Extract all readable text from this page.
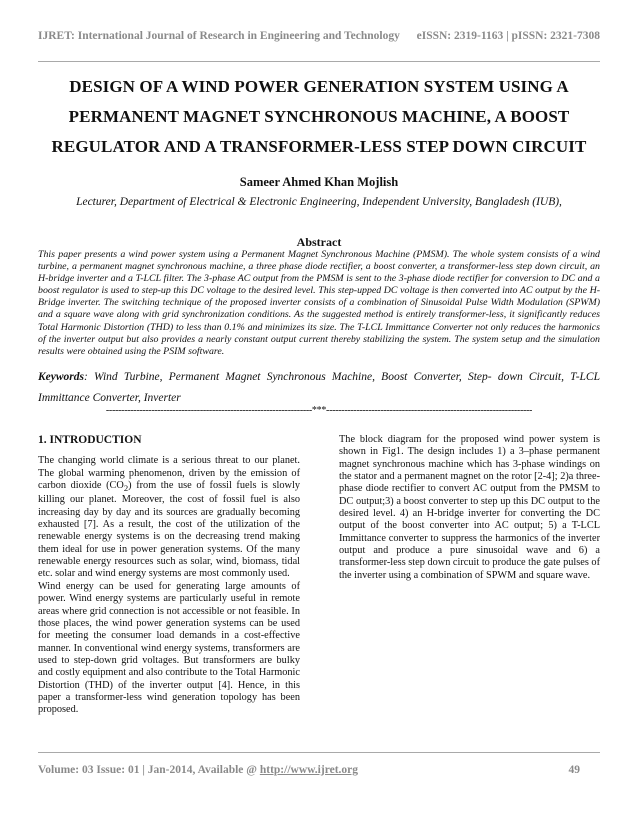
IJRET: International Journal of Research in Engineering and Technology eISSN: 2319-1163 | pISSN: 2321-7308
DESIGN OF A WIND POWER GENERATION SYSTEM USING A
PERMANENT MAGNET SYNCHRONOUS MACHINE, A BOOST
REGULATOR AND A TRANSFORMER-LESS STEP DOWN CIRCUIT
Sameer Ahmed Khan Mojlish
Lecturer, Department of Electrical & Electronic Engineering, Independent University, Bangladesh (IUB),
Abstract
This paper presents a wind power system using a Permanent Magnet Synchronous Machine (PMSM). The whole system consists of a wind turbine, a permanent magnet synchronous machine, a three phase diode rectifier, a boost converter, a transformer-less step down circuit, an H-bridge inverter and a T-LCL filter. The 3-phase AC output from the PMSM is sent to the 3-phase diode rectifier for conversion to DC and a boost regulator is used to step-up this DC voltage to the desired level. This step-upped DC voltage is then converted into AC output by the H-Bridge inverter. The switching technique of the proposed inverter consists of a combination of Sinusoidal Pulse Width Modulation (SPWM) and a square wave along with grid synchronization conditions. As the suggested method is entirely transformer-less, it significantly reduces Total Harmonic Distortion (THD) to less than 0.1% and minimizes its size. The T-LCL Immittance Converter not only reduces the harmonics of the inverter output but also provides a nearly constant output current thereby stabilizing the system. The system setup and the simulation results were obtained using the PSIM software.
Keywords: Wind Turbine, Permanent Magnet Synchronous Machine, Boost Converter, Step- down Circuit, T-LCL Immittance Converter, Inverter
--------------------------------------------------------------------***--------------------------------------------------------------------
1. INTRODUCTION

The changing world climate is a serious threat to our planet. The global warming phenomenon, driven by the emission of carbon dioxide $(CO_2)$ from the use of fossil fuels is slowly killing our planet. Moreover, the cost of fossil fuel is also increasing day by day and its sources are gradually becoming exhausted [7]. As a result, the cost of the utilization of the renewable energy systems is on the decreasing trend making them ideal for use in power generation systems. Of the many renewable energy resources such as solar, wind, biomass, tidal etc. solar and wind energy systems are most commonly used.

Wind energy can be used for generating large amounts of power. Wind energy systems are particularly useful in remote areas where grid connection is not accessible or not feasible. In those places, the wind power generation systems can be used for meeting the consumer load demands in a cost-effective manner. In conventional wind energy systems, transformers are used to step-down grid voltages. But transformers are bulky and costly equipment and also contribute to the Total Harmonic Distortion (THD) of the inverter output [4]. Hence, in this paper a transformer-less wind generation topology has been proposed.

The block diagram for the proposed wind power system is shown in Fig1. The design includes 1) a 3–phase permanent magnet synchronous machine which has 3-phase windings on the stator and a permanent magnet on the rotor [2-4]; 2)a three-phase diode rectifier to convert AC output from the PMSM to DC output;3) a boost converter to step up this DC output to the desired level. 4) an H-bridge inverter for converting the DC output of the boost converter into AC output; 5) a T-LCL Immittance converter to suppress the harmonics of the inverter output and produce a pure sinusoidal wave and 6) a transformer-less step down circuit to produce the gate pulses of the inverter using a combination of SPWM and square wave.

Volume: 03 Issue: 01 | Jan-2014, Available @ http://www.ijret.org	49
